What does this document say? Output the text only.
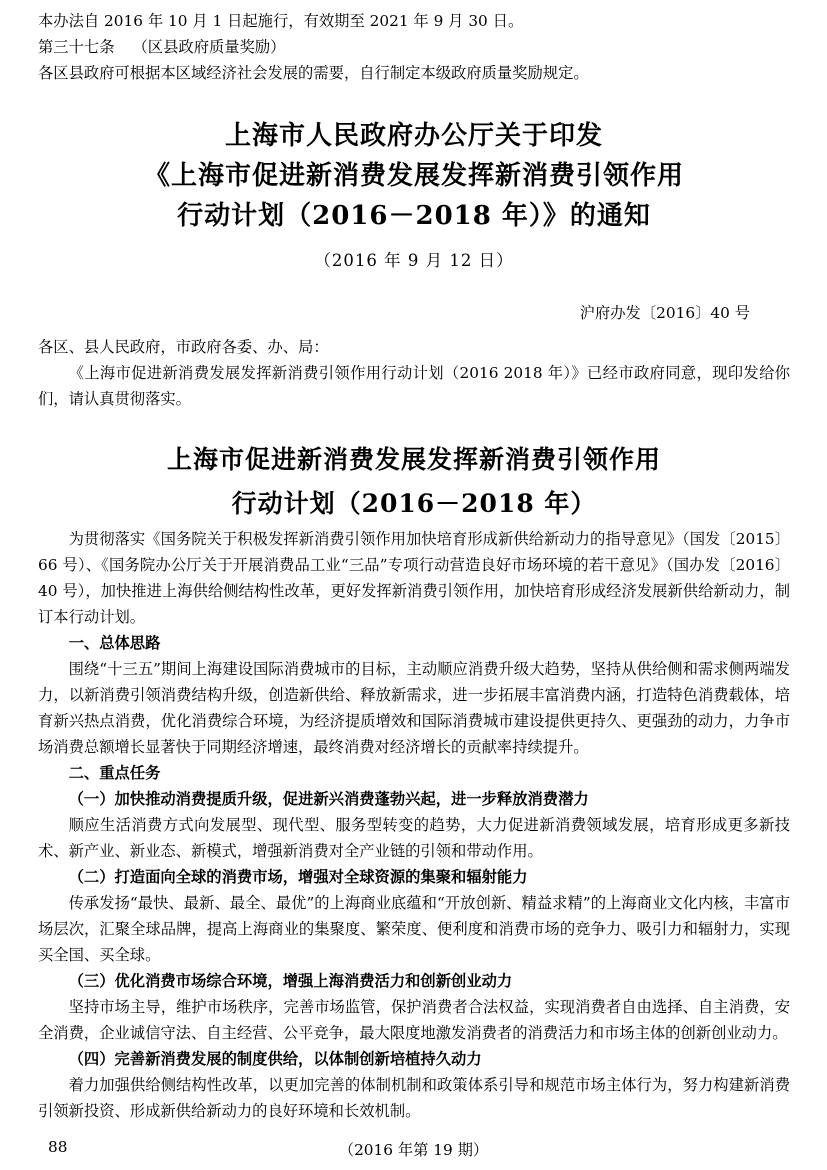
本办法自 2016 年 10 月 1 日起施行，有效期至 2021 年 9 月 30 日。

第三十七条 （区县政府质量奖励）

各区县政府可根据本区域经济社会发展的需要，自行制定本级政府质量奖励规定。

上海市人民政府办公厅关于印发
《上海市促进新消费发展发挥新消费引领作用
行动计划（2016－2018 年）》的通知

（2016 年 9 月 12 日）

沪府办发〔2016〕40 号

各区、县人民政府，市政府各委、办、局：

《上海市促进新消费发展发挥新消费引领作用行动计划（2016 2018 年）》已经市政府同意，现印发给你们，请认真贯彻落实。

上海市促进新消费发展发挥新消费引领作用
行动计划（2016－2018 年）

为贯彻落实《国务院关于积极发挥新消费引领作用加快培育形成新供给新动力的指导意见》（国发〔2015〕66 号）、《国务院办公厅关于开展消费品工业“三品”专项行动营造良好市场环境的若干意见》（国办发〔2016〕40 号），加快推进上海供给侧结构性改革，更好发挥新消费引领作用，加快培育形成经济发展新供给新动力，制订本行动计划。

一、总体思路

围绕“十三五”期间上海建设国际消费城市的目标，主动顺应消费升级大趋势，坚持从供给侧和需求侧两端发力，以新消费引领消费结构升级，创造新供给、释放新需求，进一步拓展丰富消费内涵，打造特色消费载体，培育新兴热点消费，优化消费综合环境，为经济提质增效和国际消费城市建设提供更持久、更强劲的动力，力争市场消费总额增长显著快于同期经济增速，最终消费对经济增长的贡献率持续提升。

二、重点任务

（一）加快推动消费提质升级，促进新兴消费蓬勃兴起，进一步释放消费潜力

顺应生活消费方式向发展型、现代型、服务型转变的趋势，大力促进新消费领域发展，培育形成更多新技术、新产业、新业态、新模式，增强新消费对全产业链的引领和带动作用。

（二）打造面向全球的消费市场，增强对全球资源的集聚和辐射能力

传承发扬“最快、最新、最全、最优”的上海商业底蕴和“开放创新、精益求精”的上海商业文化内核，丰富市场层次，汇聚全球品牌，提高上海商业的集聚度、繁荣度、便利度和消费市场的竞争力、吸引力和辐射力，实现买全国、买全球。

（三）优化消费市场综合环境，增强上海消费活力和创新创业动力

坚持市场主导，维护市场秩序，完善市场监管，保护消费者合法权益，实现消费者自由选择、自主消费，安全消费，企业诚信守法、自主经营、公平竞争，最大限度地激发消费者的消费活力和市场主体的创新创业动力。

（四）完善新消费发展的制度供给，以体制创新培植持久动力

着力加强供给侧结构性改革，以更加完善的体制机制和政策体系引导和规范市场主体行为，努力构建新消费引领新投资、形成新供给新动力的良好环境和长效机制。

88	（2016 年第 19 期）
